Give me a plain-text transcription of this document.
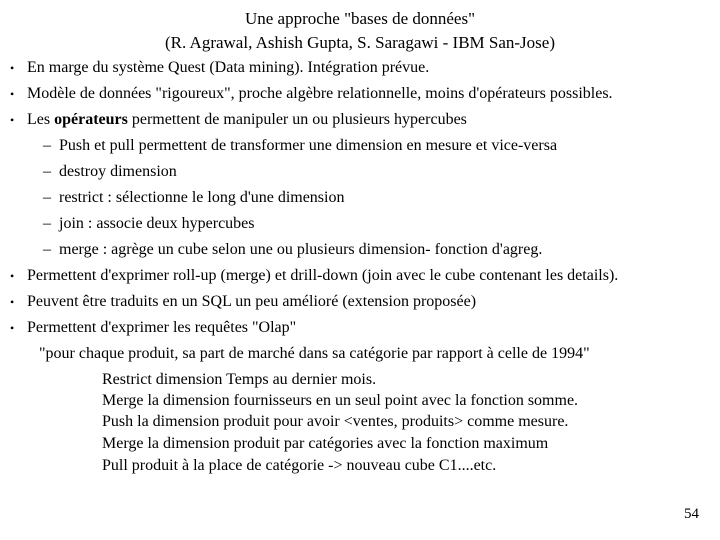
Une approche "bases de données"
(R. Agrawal, Ashish Gupta, S. Saragawi - IBM San-Jose)
• En marge du système Quest (Data mining). Intégration prévue.
• Modèle de données "rigoureux", proche algèbre relationnelle, moins d'opérateurs possibles.
• Les opérateurs permettent de manipuler un ou plusieurs hypercubes
– Push et pull permettent de transformer une dimension en mesure et vice-versa
– destroy dimension
– restrict : sélectionne le long d'une dimension
– join : associe deux hypercubes
– merge : agrège un cube selon une ou plusieurs dimension- fonction d'agreg.
• Permettent d'exprimer roll-up (merge) et drill-down (join avec le cube contenant les details).
• Peuvent être traduits en un SQL un peu amélioré (extension proposée)
• Permettent d'exprimer les requêtes "Olap"
"pour chaque produit, sa part de marché dans sa catégorie par rapport à celle de 1994"
Restrict dimension Temps au dernier mois.
Merge la dimension fournisseurs en un seul point avec la fonction somme.
Push la dimension produit pour avoir <ventes, produits> comme mesure.
Merge la dimension produit par catégories avec la fonction maximum
Pull produit à la place de catégorie -> nouveau cube C1....etc.
54
